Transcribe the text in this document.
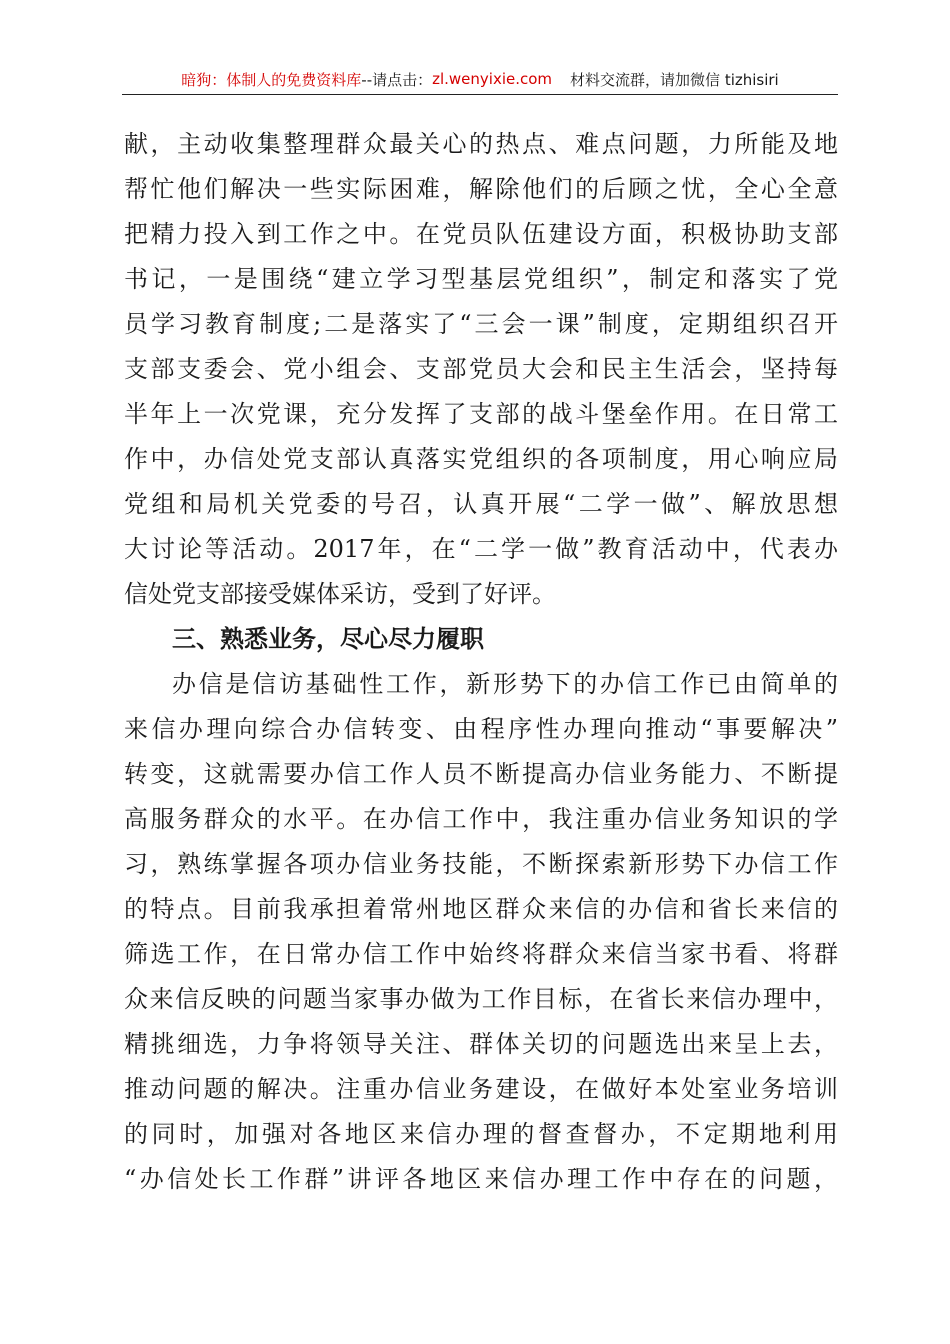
暗狗：体制人的免费资料库 --请点击： zl.wenyixie.com 材料交流群，请加微信 tizhisiri
献，主动收集整理群众最关心的热点、难点问题，力所能及地
帮忙他们解决一些实际困难，解除他们的后顾之忧，全心全意
把精力投入到工作之中。在党员队伍建设方面，积极协助支部
书记，一是围绕“建立学习型基层党组织”，制定和落实了党
员学习教育制度;二是落实了“三会一课”制度，定期组织召开
支部支委会、党小组会、支部党员大会和民主生活会，坚持每
半年上一次党课，充分发挥了支部的战斗堡垒作用。在日常工
作中，办信处党支部认真落实党组织的各项制度，用心响应局
党组和局机关党委的号召，认真开展“二学一做”、解放思想
大讨论等活动。2017年，在“二学一做”教育活动中，代表办
信处党支部接受媒体采访，受到了好评。
三、熟悉业务，尽心尽力履职
办信是信访基础性工作，新形势下的办信工作已由简单的
来信办理向综合办信转变、由程序性办理向推动“事要解决”
转变，这就需要办信工作人员不断提高办信业务能力、不断提
高服务群众的水平。在办信工作中，我注重办信业务知识的学
习，熟练掌握各项办信业务技能，不断探索新形势下办信工作
的特点。目前我承担着常州地区群众来信的办信和省长来信的
筛选工作，在日常办信工作中始终将群众来信当家书看、将群
众来信反映的问题当家事办做为工作目标，在省长来信办理中，
精挑细选，力争将领导关注、群体关切的问题选出来呈上去，
推动问题的解决。注重办信业务建设，在做好本处室业务培训
的同时，加强对各地区来信办理的督查督办，不定期地利用
“办信处长工作群”讲评各地区来信办理工作中存在的问题，
